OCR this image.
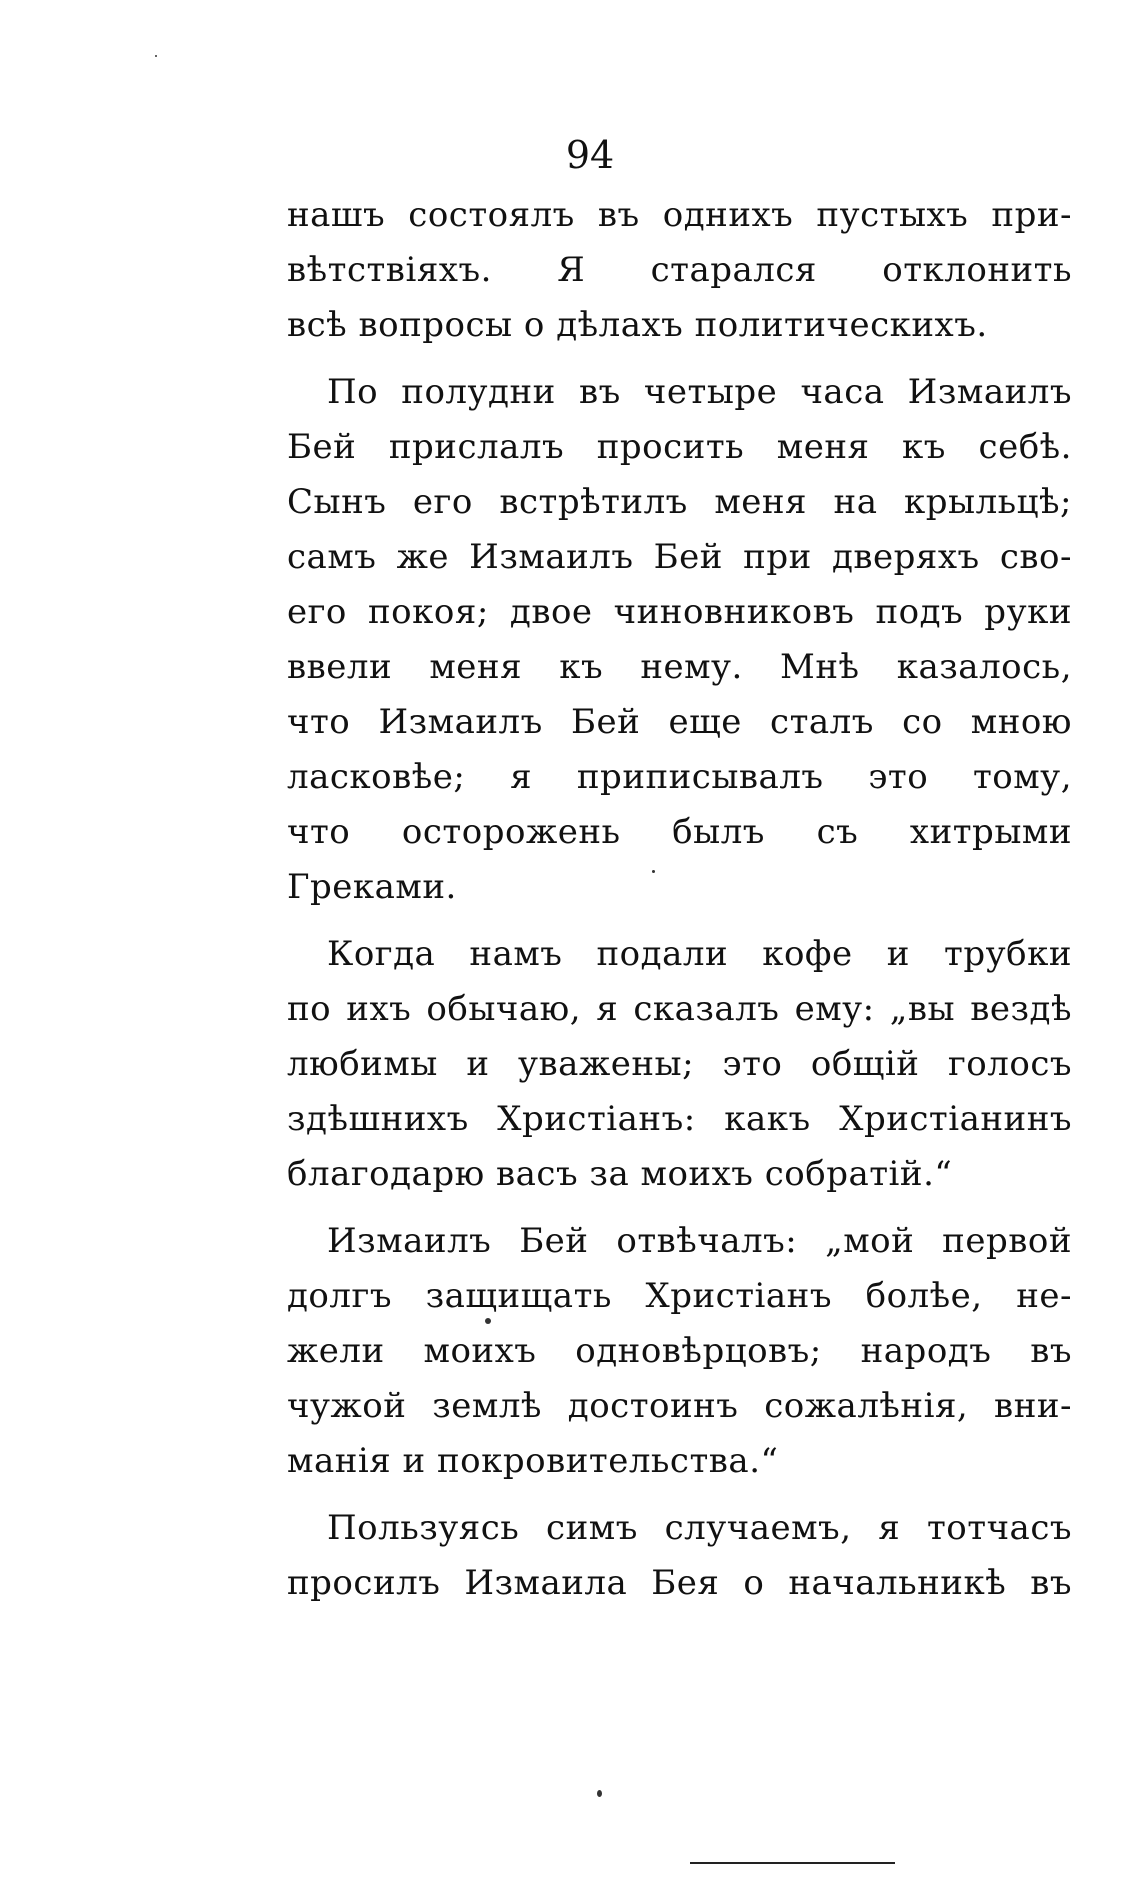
94
нашъ состоялъ въ однихъ пустыхъ при-
вѣтствіяхъ. Я старался отклонить
всѣ вопросы о дѣлахъ политическихъ.
По полудни въ четыре часа Измаилъ
Бей прислалъ просить меня къ себѣ.
Сынъ его встрѣтилъ меня на крыльцѣ;
самъ же Измаилъ Бей при дверяхъ сво-
его покоя; двое чиновниковъ подъ руки
ввели меня къ нему. Мнѣ казалось,
что Измаилъ Бей еще сталъ со мною
ласковѣе; я приписывалъ это тому,
что осторожень былъ съ хитрыми
Греками.
Когда намъ подали кофе и трубки
по ихъ обычаю, я сказалъ ему: „вы вездѣ
любимы и уважены; это общій голосъ
здѣшнихъ Христіанъ: какъ Христіанинъ
благодарю васъ за моихъ собратій.“
Измаилъ Бей отвѣчалъ: „мой первой
долгъ защищать Христіанъ болѣе, не-
жели моихъ одновѣрцовъ; народъ въ
чужой землѣ достоинъ сожалѣнія, вни-
манія и покровительства.“
Пользуясь симъ случаемъ, я тотчасъ
просилъ Измаила Бея о начальникѣ въ
